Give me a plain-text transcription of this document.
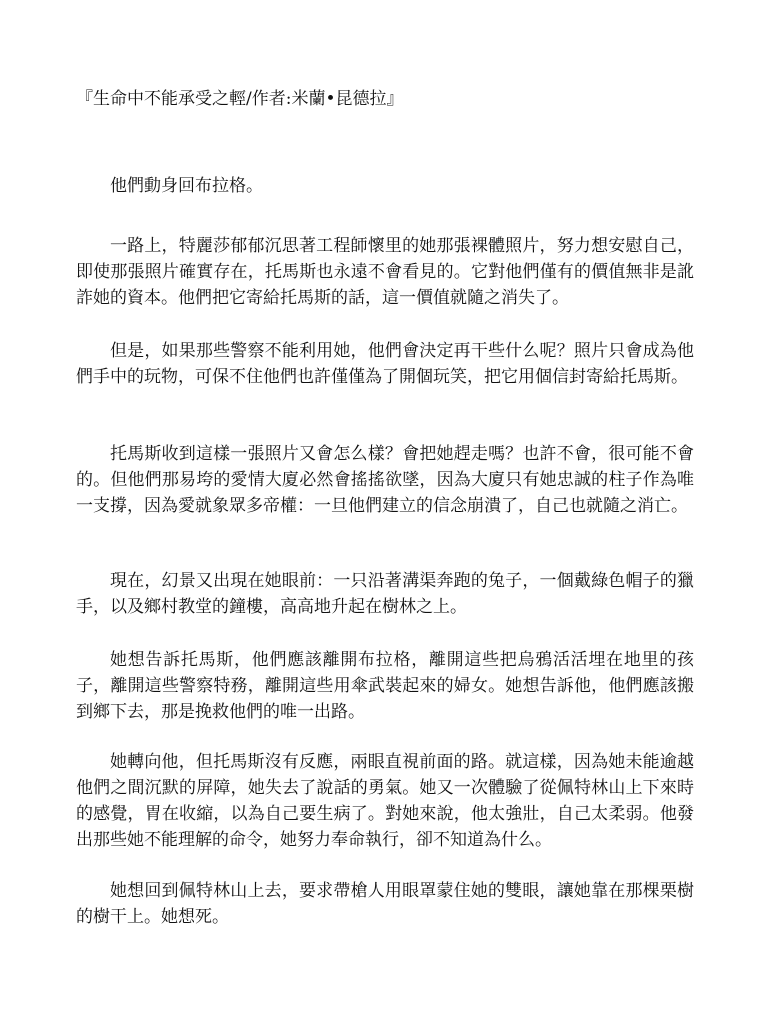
『生命中不能承受之輕/作者:米蘭•昆德拉』

他們動身回布拉格。

一路上，特麗莎郁郁沉思著工程師懷里的她那張裸體照片，努力想安慰自己，即使那張照片確實存在，托馬斯也永遠不會看見的。它對他們僅有的價值無非是訛詐她的資本。他們把它寄給托馬斯的話，這一價值就隨之消失了。

但是，如果那些警察不能利用她，他們會決定再干些什么呢？照片只會成為他們手中的玩物，可保不住他們也許僅僅為了開個玩笑，把它用個信封寄給托馬斯。

托馬斯收到這樣一張照片又會怎么樣？會把她趕走嗎？也許不會，很可能不會的。但他們那易垮的愛情大廈必然會搖搖欲墜，因為大廈只有她忠誠的柱子作為唯一支撐，因為愛就象眾多帝權：一旦他們建立的信念崩潰了，自己也就隨之消亡。

現在，幻景又出現在她眼前：一只沿著溝渠奔跑的兔子，一個戴綠色帽子的獵手，以及鄉村教堂的鐘樓，高高地升起在樹林之上。

她想告訴托馬斯，他們應該離開布拉格，離開這些把烏鴉活活埋在地里的孩子，離開這些警察特務，離開這些用傘武裝起來的婦女。她想告訴他，他們應該搬到鄉下去，那是挽救他們的唯一出路。

她轉向他，但托馬斯沒有反應，兩眼直視前面的路。就這樣，因為她未能逾越他們之間沉默的屏障，她失去了說話的勇氣。她又一次體驗了從佩特林山上下來時的感覺，胃在收縮，以為自己要生病了。對她來說，他太強壯，自己太柔弱。他發出那些她不能理解的命令，她努力奉命執行，卻不知道為什么。

她想回到佩特林山上去，要求帶槍人用眼罩蒙住她的雙眼，讓她靠在那棵栗樹的樹干上。她想死。
